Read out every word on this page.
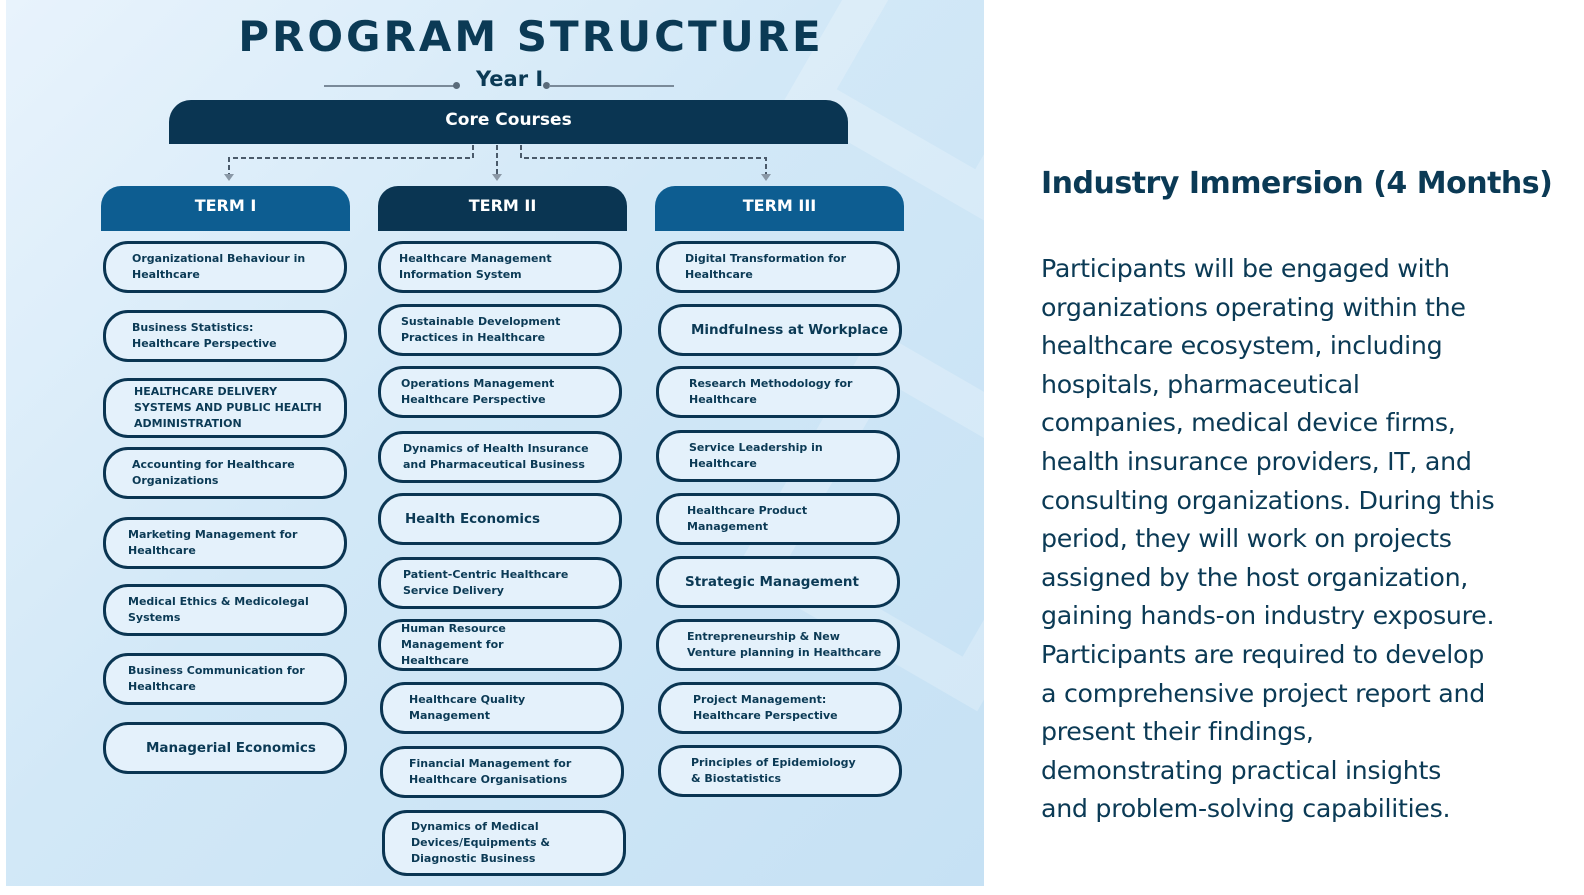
PROGRAM STRUCTURE
Year I
Core Courses
TERM I	TERM II	TERM III
Organizational Behaviour in Healthcare
Business Statistics: Healthcare Perspective
HEALTHCARE DELIVERY SYSTEMS AND PUBLIC HEALTH ADMINISTRATION
Accounting for Healthcare Organizations
Marketing Management for Healthcare
Medical Ethics & Medicolegal Systems
Business Communication for Healthcare
Managerial Economics
Healthcare Management Information System
Sustainable Development Practices in Healthcare
Operations Management Healthcare Perspective
Dynamics of Health Insurance and Pharmaceutical Business
Health Economics
Patient-Centric Healthcare Service Delivery
Human Resource Management for Healthcare
Healthcare Quality Management
Financial Management for Healthcare Organisations
Dynamics of Medical Devices/Equipments & Diagnostic Business
Digital Transformation for Healthcare
Mindfulness at Workplace
Research Methodology for Healthcare
Service Leadership in Healthcare
Healthcare Product Management
Strategic Management
Entrepreneurship & New Venture planning in Healthcare
Project Management: Healthcare Perspective
Principles of Epidemiology & Biostatistics
Industry Immersion (4 Months)
Participants will be engaged with
organizations operating within the
healthcare ecosystem, including
hospitals, pharmaceutical
companies, medical device firms,
health insurance providers, IT, and
consulting organizations. During this
period, they will work on projects
assigned by the host organization,
gaining hands-on industry exposure.
Participants are required to develop
a comprehensive project report and
present their findings,
demonstrating practical insights
and problem-solving capabilities.
